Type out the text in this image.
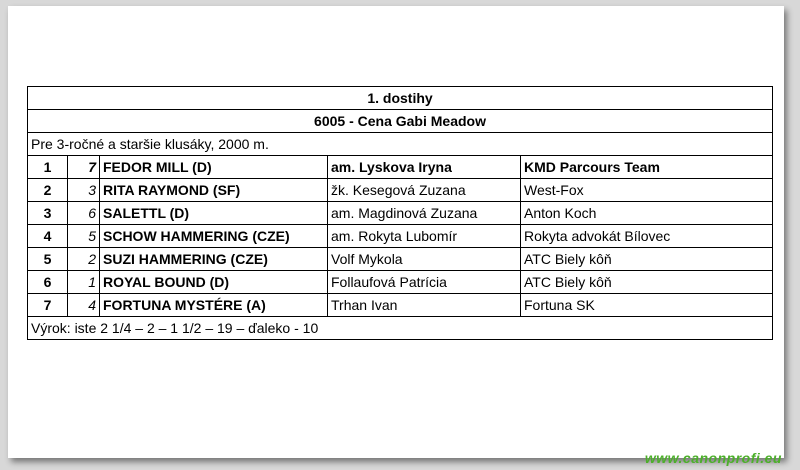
1. dostihy				
6005 - Cena Gabi Meadow				
Pre 3-ročné a staršie klusáky, 2000 m.				
1	7	FEDOR MILL (D)	am. Lyskova Iryna	KMD Parcours Team
2	3	RITA RAYMOND (SF)	žk. Kesegová Zuzana	West-Fox
3	6	SALETTL (D)	am. Magdinová Zuzana	Anton Koch
4	5	SCHOW HAMMERING (CZE)	am. Rokyta Lubomír	Rokyta advokát Bílovec
5	2	SUZI HAMMERING (CZE)	Volf Mykola	ATC Biely kôň
6	1	ROYAL BOUND (D)	Follaufová Patrícia	ATC Biely kôň
7	4	FORTUNA MYSTÉRE (A)	Trhan Ivan	Fortuna SK
Výrok: iste 2 1/4 – 2 – 1 1/2 – 19 – ďaleko - 10				
www.canonprofi.eu
